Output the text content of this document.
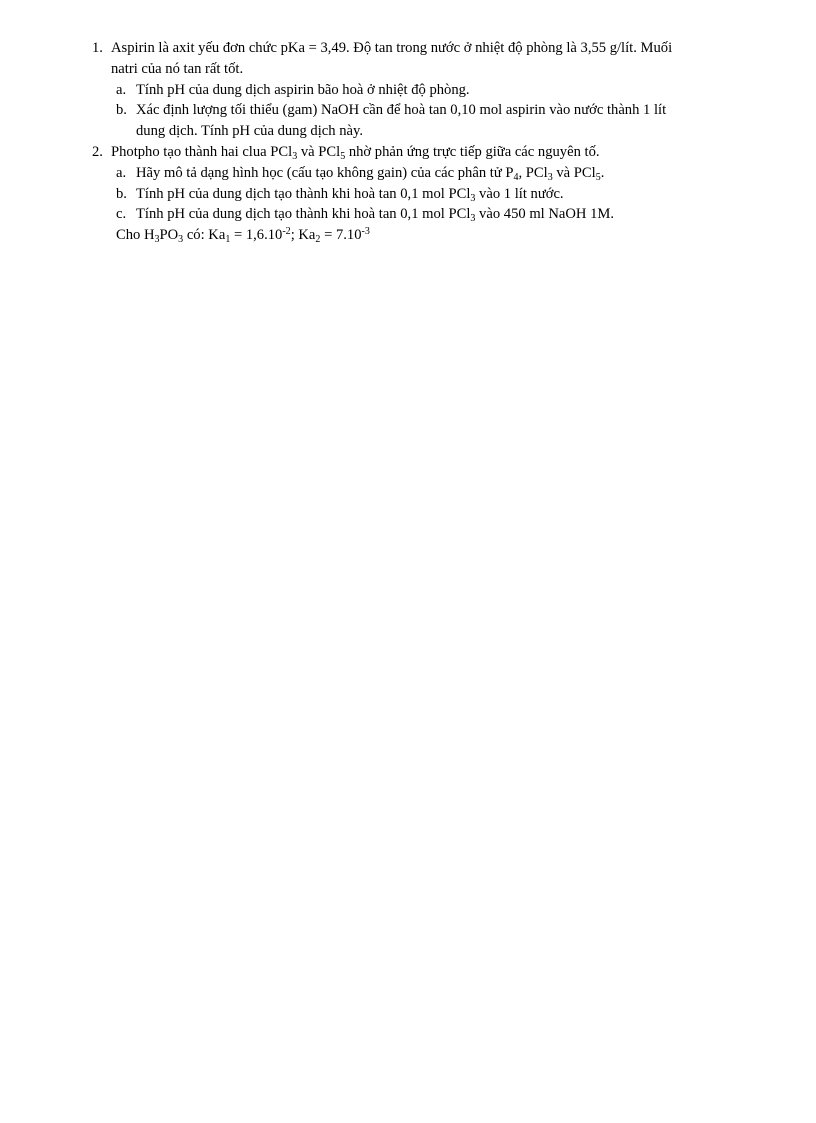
1. Aspirin là axit yếu đơn chức pKa = 3,49. Độ tan trong nước ở nhiệt độ phòng là 3,55 g/lít. Muối
natri của nó tan rất tốt.
a. Tính pH của dung dịch aspirin bão hoà ở nhiệt độ phòng.
b. Xác định lượng tối thiểu (gam) NaOH cần để hoà tan 0,10 mol aspirin vào nước thành 1 lít
dung dịch. Tính pH của dung dịch này.
2. Photpho tạo thành hai clua PCl$_3$ và PCl$_5$ nhờ phản ứng trực tiếp giữa các nguyên tố.
a. Hãy mô tả dạng hình học (cấu tạo không gain) của các phân tử $P_4$, PCl$_3$ và PCl$_5$.
b. Tính pH của dung dịch tạo thành khi hoà tan 0,1 mol PCl$_3$ vào 1 lít nước.
c. Tính pH của dung dịch tạo thành khi hoà tan 0,1 mol PCl$_3$ vào 450 ml NaOH 1M.
Cho $H_3PO_3$ có: $Ka_1 = 1,6.10^{-2}$; $Ka_2 = 7.10^{-3}$
